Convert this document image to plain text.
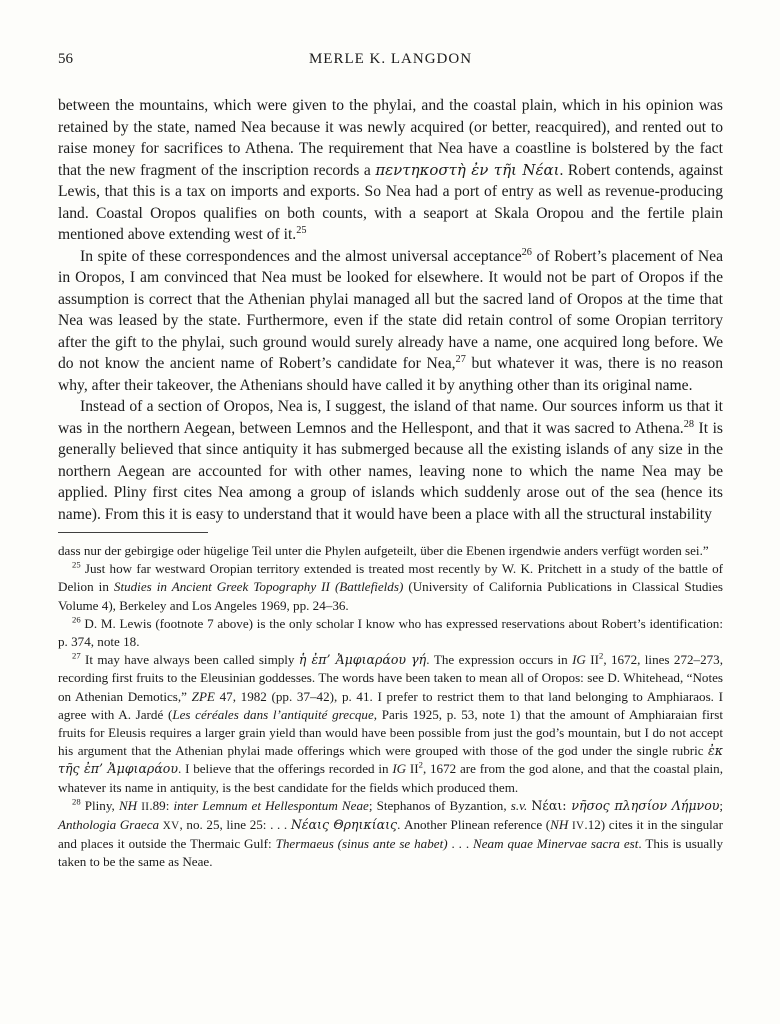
56	MERLE K. LANGDON

between the mountains, which were given to the phylai, and the coastal plain, which in his opinion was retained by the state, named Nea because it was newly acquired (or better, reacquired), and rented out to raise money for sacrifices to Athena. The requirement that Nea have a coastline is bolstered by the fact that the new fragment of the inscription records a πεντηκοστὴ ἐν τῆι Νέαι. Robert contends, against Lewis, that this is a tax on imports and exports. So Nea had a port of entry as well as revenue-producing land. Coastal Oropos qualifies on both counts, with a seaport at Skala Oropou and the fertile plain mentioned above extending west of it.$^{25}$

In spite of these correspondences and the almost universal acceptance$^{26}$ of Robert’s placement of Nea in Oropos, I am convinced that Nea must be looked for elsewhere. It would not be part of Oropos if the assumption is correct that the Athenian phylai managed all but the sacred land of Oropos at the time that Nea was leased by the state. Furthermore, even if the state did retain control of some Oropian territory after the gift to the phylai, such ground would surely already have a name, one acquired long before. We do not know the ancient name of Robert’s candidate for Nea,$^{27}$ but whatever it was, there is no reason why, after their takeover, the Athenians should have called it by anything other than its original name.

Instead of a section of Oropos, Nea is, I suggest, the island of that name. Our sources inform us that it was in the northern Aegean, between Lemnos and the Hellespont, and that it was sacred to Athena.$^{28}$ It is generally believed that since antiquity it has submerged because all the existing islands of any size in the northern Aegean are accounted for with other names, leaving none to which the name Nea may be applied. Pliny first cites Nea among a group of islands which suddenly arose out of the sea (hence its name). From this it is easy to understand that it would have been a place with all the structural instability

dass nur der gebirgige oder hügelige Teil unter die Phylen aufgeteilt, über die Ebenen irgendwie anders verfügt worden sei.”

$^{25}$ Just how far westward Oropian territory extended is treated most recently by W. K. Pritchett in a study of the battle of Delion in Studies in Ancient Greek Topography II (Battlefields) (University of California Publications in Classical Studies Volume 4), Berkeley and Los Angeles 1969, pp. 24–36.

$^{26}$ D. M. Lewis (footnote 7 above) is the only scholar I know who has expressed reservations about Robert’s identification: p. 374, note 18.

$^{27}$ It may have always been called simply ἡ ἐπ’ Ἀμφιαράου γή. The expression occurs in IG $II^2$, 1672, lines 272–273, recording first fruits to the Eleusinian goddesses. The words have been taken to mean all of Oropos: see D. Whitehead, “Notes on Athenian Demotics,” ZPE 47, 1982 (pp. 37–42), p. 41. I prefer to restrict them to that land belonging to Amphiaraos. I agree with A. Jardé (Les céréales dans l’antiquité grecque, Paris 1925, p. 53, note 1) that the amount of Amphiaraian first fruits for Eleusis requires a larger grain yield than would have been possible from just the god’s mountain, but I do not accept his argument that the Athenian phylai made offerings which were grouped with those of the god under the single rubric ἐκ τῆς ἐπ’ Ἀμφιαράου. I believe that the offerings recorded in IG $II^2$, 1672 are from the god alone, and that the coastal plain, whatever its name in antiquity, is the best candidate for the fields which produced them.

$^{28}$ Pliny, NH II.89: inter Lemnum et Hellespontum Neae; Stephanos of Byzantion, s.v. Νέαι: νῆσος πλησίον Λήμνου; Anthologia Graeca XV, no. 25, line 25: . . . Νέαις Θρηικίαις. Another Plinean reference (NH IV.12) cites it in the singular and places it outside the Thermaic Gulf: Thermaeus (sinus ante se habet) . . . Neam quae Minervae sacra est. This is usually taken to be the same as Neae.
